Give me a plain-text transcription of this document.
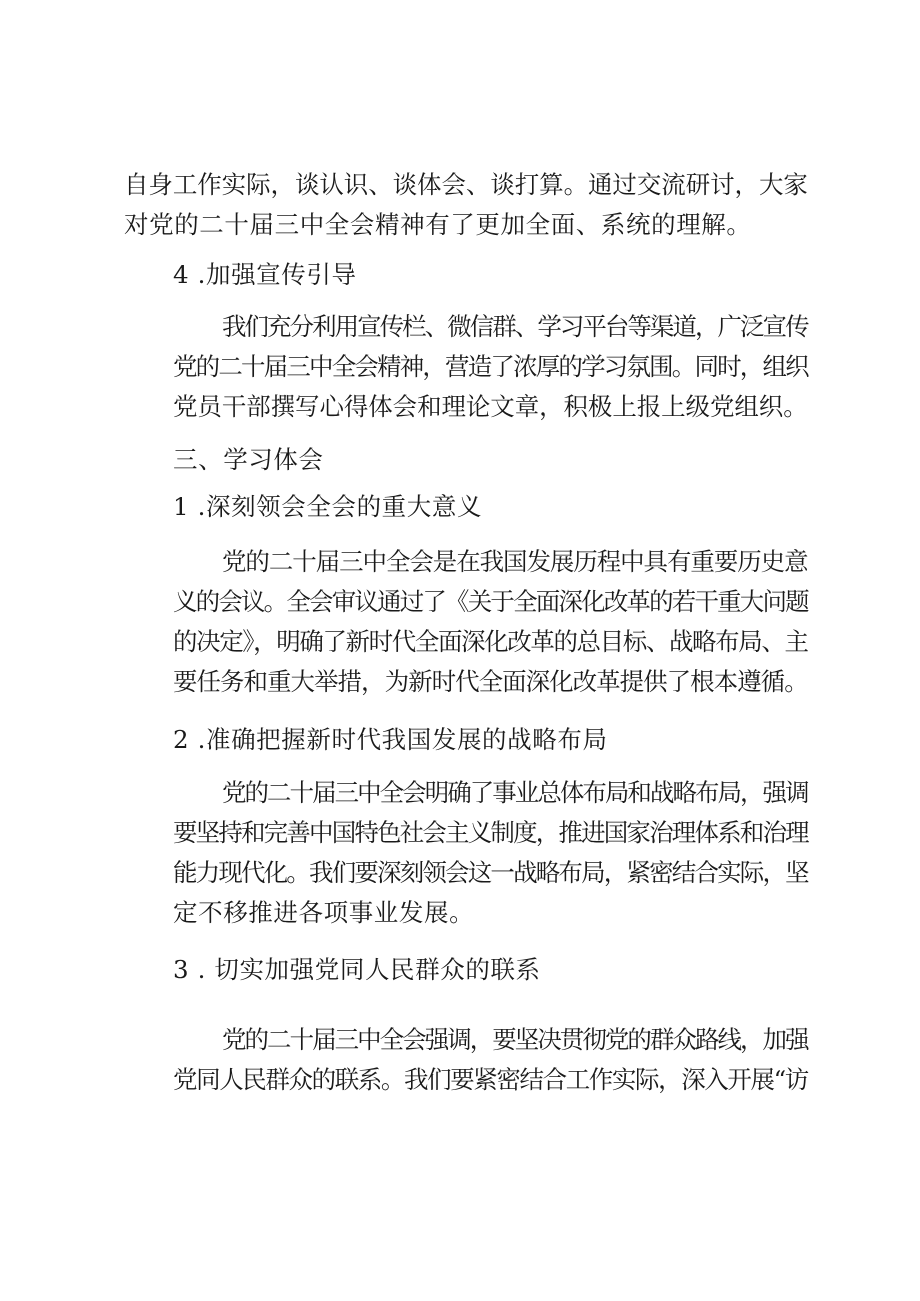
自身工作实际，谈认识、谈体会、谈打算。通过交流研讨，大家
对党的二十届三中全会精神有了更加全面、系统的理解。
4 .加强宣传引导
我们充分利用宣传栏、微信群、学习平台等渠道，广泛宣传
党的二十届三中全会精神，营造了浓厚的学习氛围。同时，组织
党员干部撰写心得体会和理论文章，积极上报上级党组织。
三、学习体会
1 .深刻领会全会的重大意义
党的二十届三中全会是在我国发展历程中具有重要历史意
义的会议。全会审议通过了《关于全面深化改革的若干重大问题
的决定》，明确了新时代全面深化改革的总目标、战略布局、主
要任务和重大举措，为新时代全面深化改革提供了根本遵循。
2 .准确把握新时代我国发展的战略布局
党的二十届三中全会明确了事业总体布局和战略布局，强调
要坚持和完善中国特色社会主义制度，推进国家治理体系和治理
能力现代化。我们要深刻领会这一战略布局，紧密结合实际，坚
定不移推进各项事业发展。
3 . 切实加强党同人民群众的联系
党的二十届三中全会强调，要坚决贯彻党的群众路线，加强
党同人民群众的联系。我们要紧密结合工作实际，深入开展“访
